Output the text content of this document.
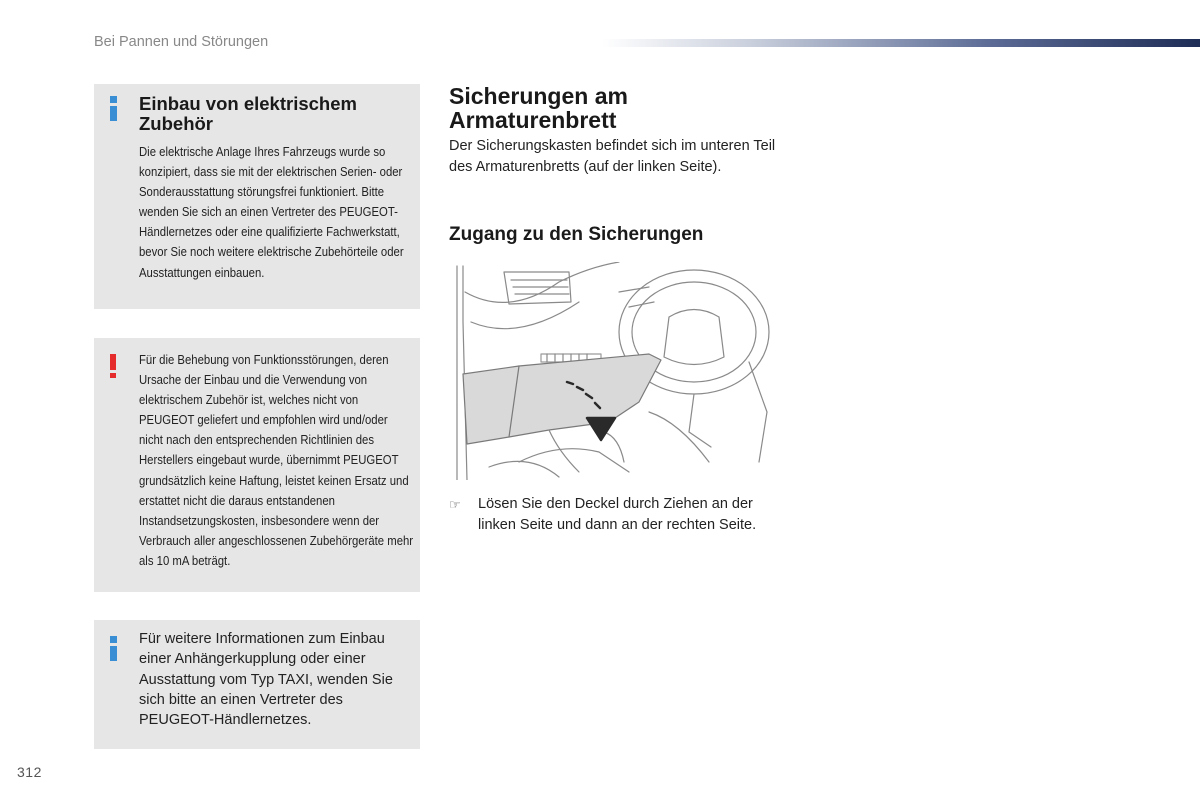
Bei Pannen und Störungen
Einbau von elektrischem Zubehör
Die elektrische Anlage Ihres Fahrzeugs wurde so konzipiert, dass sie mit der elektrischen Serien- oder Sonderausstattung störungsfrei funktioniert. Bitte wenden Sie sich an einen Vertreter des PEUGEOT-Händlernetzes oder eine qualifizierte Fachwerkstatt, bevor Sie noch weitere elektrische Zubehörteile oder Ausstattungen einbauen.
Für die Behebung von Funktionsstörungen, deren Ursache der Einbau und die Verwendung von elektrischem Zubehör ist, welches nicht von PEUGEOT geliefert und empfohlen wird und/oder nicht nach den entsprechenden Richtlinien des Herstellers eingebaut wurde, übernimmt PEUGEOT grundsätzlich keine Haftung, leistet keinen Ersatz und erstattet nicht die daraus entstandenen Instandsetzungskosten, insbesondere wenn der Verbrauch aller angeschlossenen Zubehörgeräte mehr als 10 mA beträgt.
Für weitere Informationen zum Einbau einer Anhängerkupplung oder einer Ausstattung vom Typ TAXI, wenden Sie sich bitte an einen Vertreter des PEUGEOT-Händlernetzes.
Sicherungen am Armaturenbrett
Der Sicherungskasten befindet sich im unteren Teil des Armaturenbretts (auf der linken Seite).
Zugang zu den Sicherungen
☞ Lösen Sie den Deckel durch Ziehen an der linken Seite und dann an der rechten Seite.
312
